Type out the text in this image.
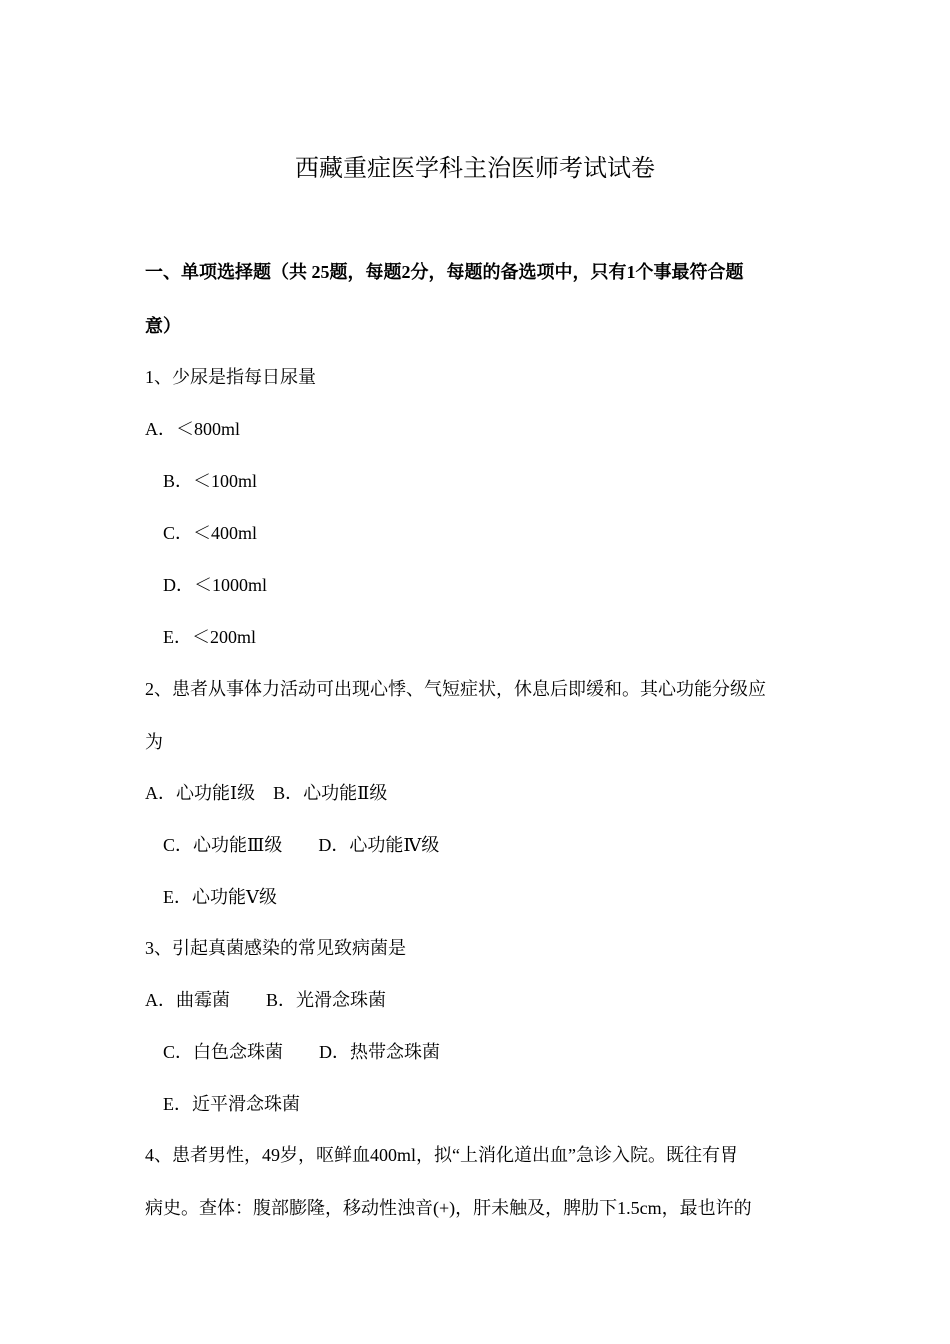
西藏重症医学科主治医师考试试卷
一、单项选择题（共 25题，每题2分，每题的备选项中，只有1个事最符合题
意）
1、少尿是指每日尿量
A．＜800ml
B．＜100ml
C．＜400ml
D．＜1000ml
E．＜200ml
2、患者从事体力活动可出现心悸、气短症状，休息后即缓和。其心功能分级应
为
A．心功能Ⅰ级 B．心功能Ⅱ级
C．心功能Ⅲ级 D．心功能Ⅳ级
E．心功能Ⅴ级
3、引起真菌感染的常见致病菌是
A．曲霉菌 B．光滑念珠菌
C．白色念珠菌 D．热带念珠菌
E．近平滑念珠菌
4、患者男性，49岁，呕鲜血400ml，拟“上消化道出血”急诊入院。既往有胃
病史。查体：腹部膨隆，移动性浊音(+)，肝未触及，脾肋下1.5cm，最也许的
